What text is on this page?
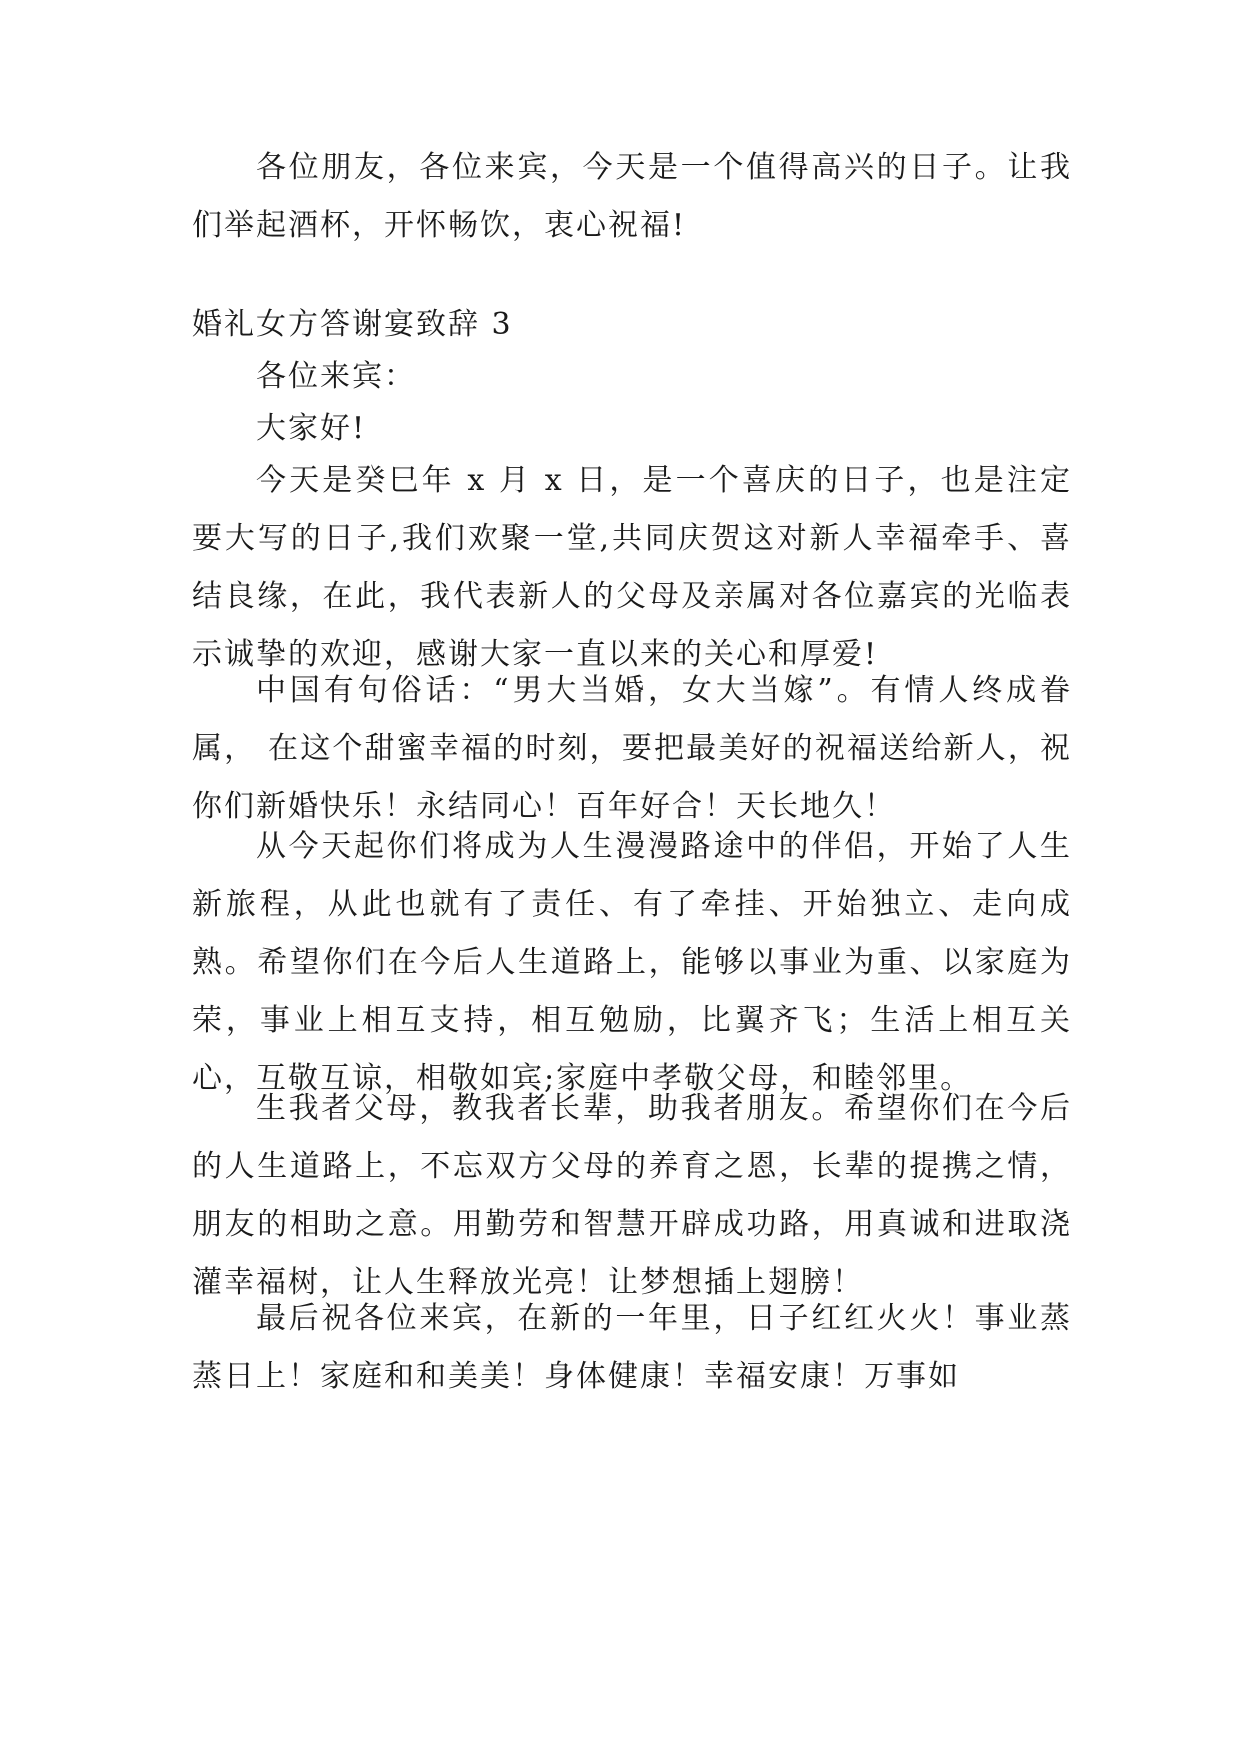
各位朋友，各位来宾，今天是一个值得高兴的日子。让我们举起酒杯，开怀畅饮，衷心祝福!

婚礼女方答谢宴致辞 3

各位来宾：

大家好!

今天是癸巳年 x 月 x 日，是一个喜庆的日子，也是注定要大写的日子,我们欢聚一堂,共同庆贺这对新人幸福牵手、喜结良缘，在此，我代表新人的父母及亲属对各位嘉宾的光临表示诚挚的欢迎，感谢大家一直以来的关心和厚爱!

中国有句俗话：“男大当婚，女大当嫁”。有情人终成眷属， 在这个甜蜜幸福的时刻，要把最美好的祝福送给新人，祝你们新婚快乐！永结同心！百年好合！天长地久！

从今天起你们将成为人生漫漫路途中的伴侣，开始了人生新旅程，从此也就有了责任、有了牵挂、开始独立、走向成熟。希望你们在今后人生道路上，能够以事业为重、以家庭为荣，事业上相互支持，相互勉励，比翼齐飞；生活上相互关心，互敬互谅，相敬如宾;家庭中孝敬父母，和睦邻里。

生我者父母，教我者长辈，助我者朋友。希望你们在今后的人生道路上，不忘双方父母的养育之恩，长辈的提携之情，朋友的相助之意。用勤劳和智慧开辟成功路，用真诚和进取浇灌幸福树，让人生释放光亮！让梦想插上翅膀！

最后祝各位来宾，在新的一年里，日子红红火火！事业蒸蒸日上！家庭和和美美！身体健康！幸福安康！万事如
